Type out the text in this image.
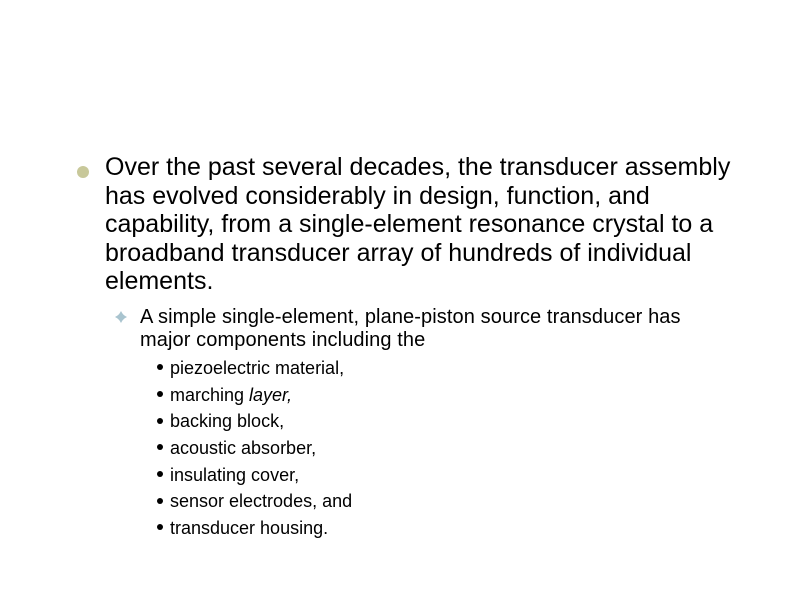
Over the past several decades, the transducer assembly has evolved considerably in design, function, and capability, from a single-element resonance crystal to a broadband transducer array of hundreds of individual elements.
A simple single-element, plane-piston source transducer has major components including the
piezoelectric material,
marching layer,
backing block,
acoustic absorber,
insulating cover,
sensor electrodes, and
transducer housing.
